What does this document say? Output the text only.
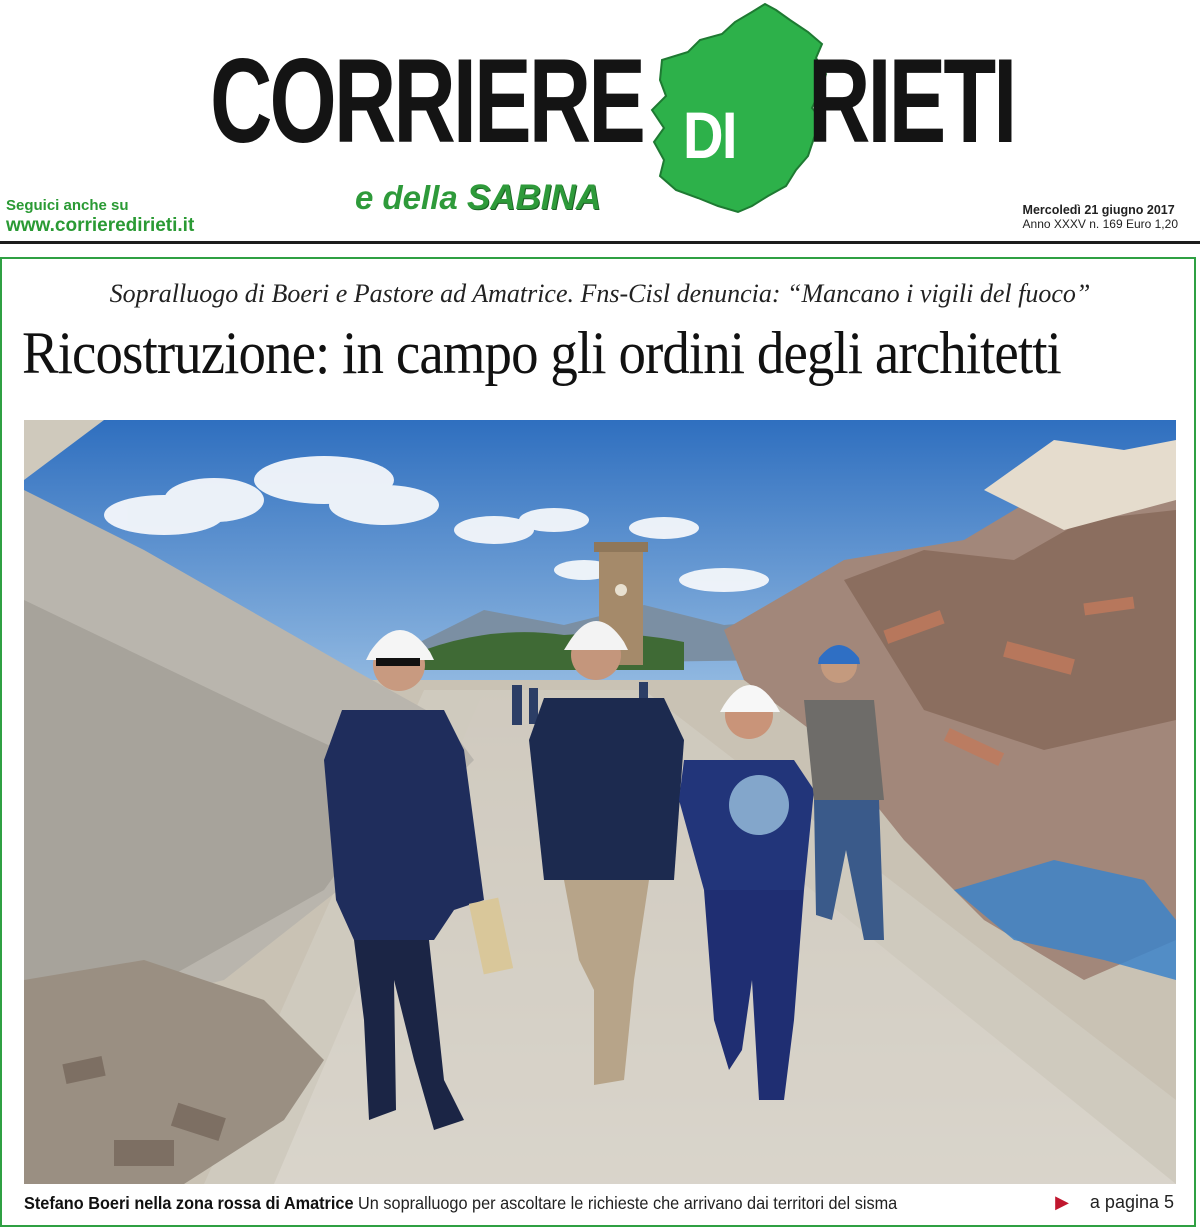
CORRIERE DI RIETI
e della SABINA
Seguici anche su
www.corrieredirieti.it
Mercoledì 21 giugno 2017
Anno XXXV n. 169 Euro 1,20
Sopralluogo di Boeri e Pastore ad Amatrice. Fns-Cisl denuncia: “Mancano i vigili del fuoco”
Ricostruzione: in campo gli ordini degli architetti
Stefano Boeri nella zona rossa di Amatrice Un sopralluogo per ascoltare le richieste che arrivano dai territori del sisma	▶ a pagina 5
